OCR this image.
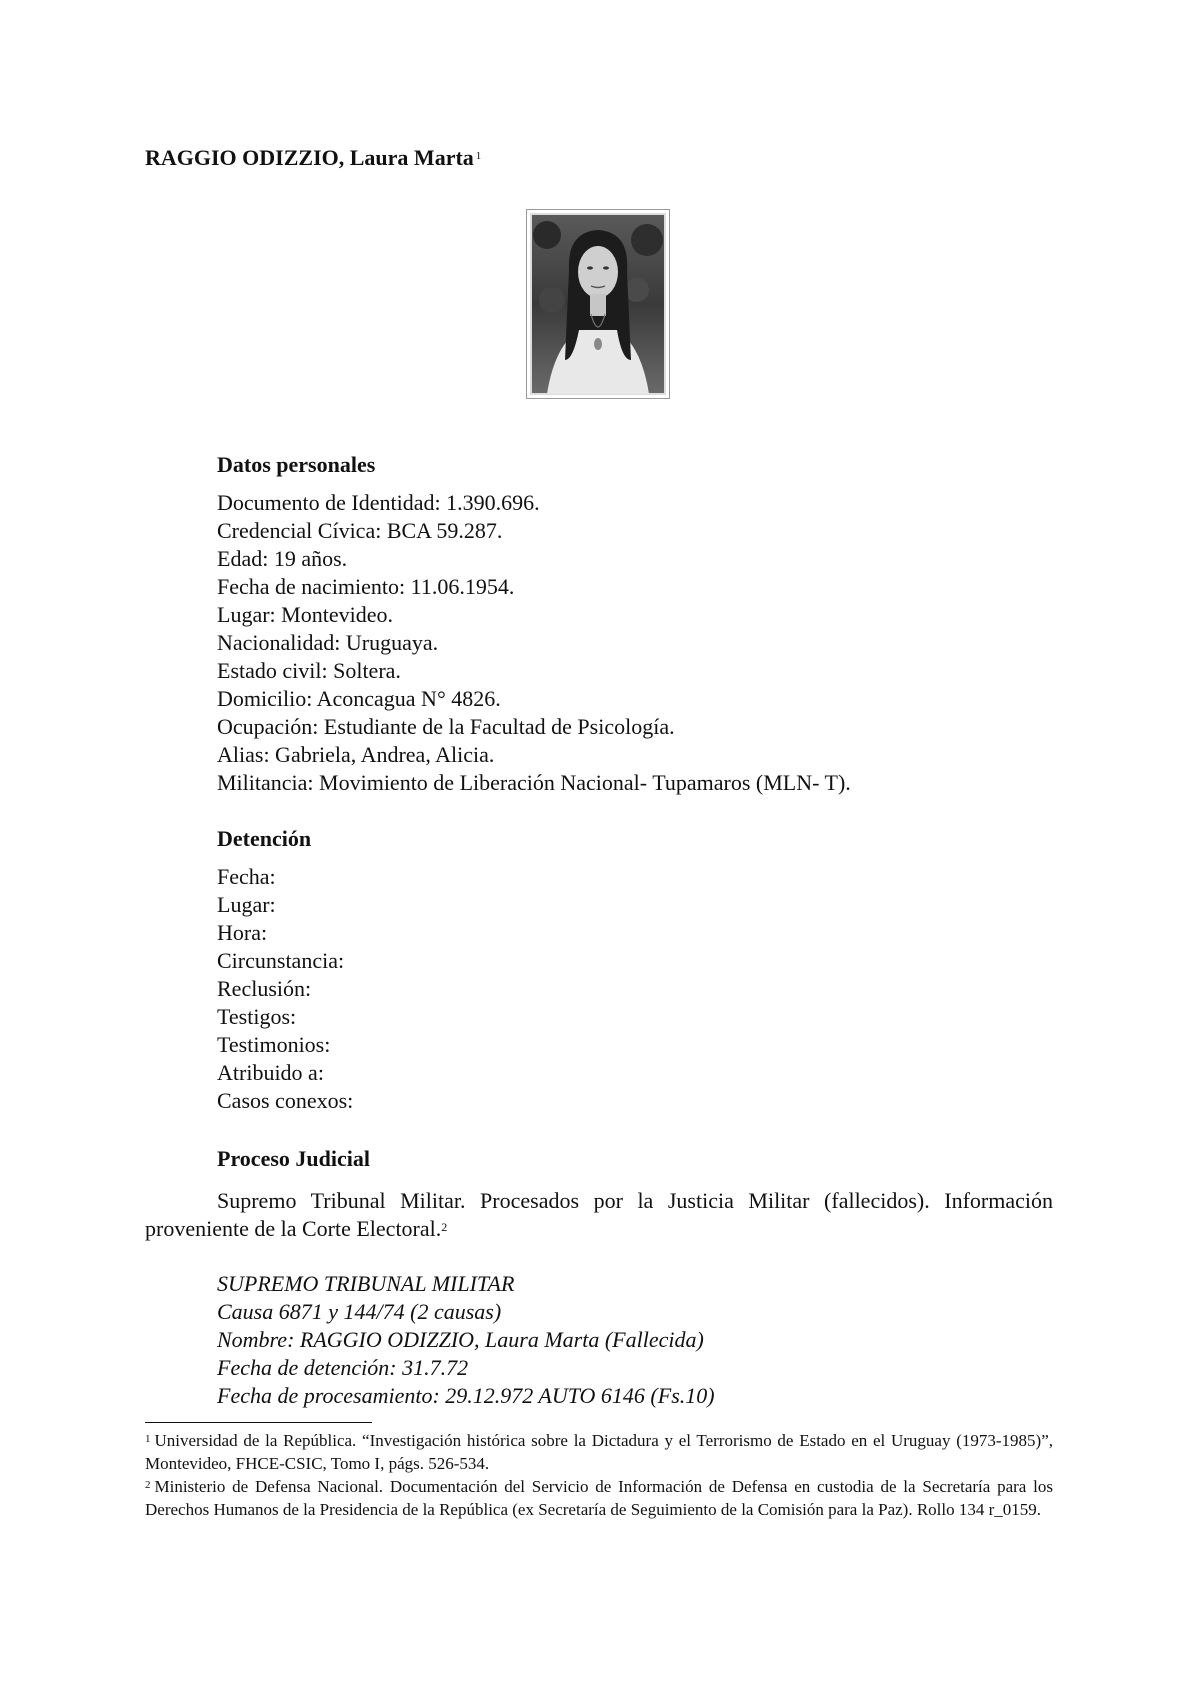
RAGGIO ODIZZIO, Laura Marta $^1$

Datos personales

Documento de Identidad: 1.390.696.
Credencial Cívica: BCA 59.287.
Edad: 19 años.
Fecha de nacimiento: 11.06.1954.
Lugar: Montevideo.
Nacionalidad: Uruguaya.
Estado civil: Soltera.
Domicilio: Aconcagua N° 4826.
Ocupación: Estudiante de la Facultad de Psicología.
Alias: Gabriela, Andrea, Alicia.
Militancia: Movimiento de Liberación Nacional- Tupamaros (MLN- T).

Detención

Fecha:
Lugar:
Hora:
Circunstancia:
Reclusión:
Testigos:
Testimonios:
Atribuido a:
Casos conexos:

Proceso Judicial

Supremo Tribunal Militar. Procesados por la Justicia Militar (fallecidos). Información proveniente de la Corte Electoral.$^2$
SUPREMO TRIBUNAL MILITAR
Causa 6871 y 144/74 (2 causas)
Nombre: RAGGIO ODIZZIO, Laura Marta (Fallecida)
Fecha de detención: 31.7.72
Fecha de procesamiento: 29.12.972 AUTO 6146 (Fs.10)

$^1$ Universidad de la República. “Investigación histórica sobre la Dictadura y el Terrorismo de Estado en el Uruguay (1973-1985)”, Montevideo, FHCE-CSIC, Tomo I, págs. 526-534.

$^2$ Ministerio de Defensa Nacional. Documentación del Servicio de Información de Defensa en custodia de la Secretaría para los Derechos Humanos de la Presidencia de la República (ex Secretaría de Seguimiento de la Comisión para la Paz). Rollo 134 r_0159.
